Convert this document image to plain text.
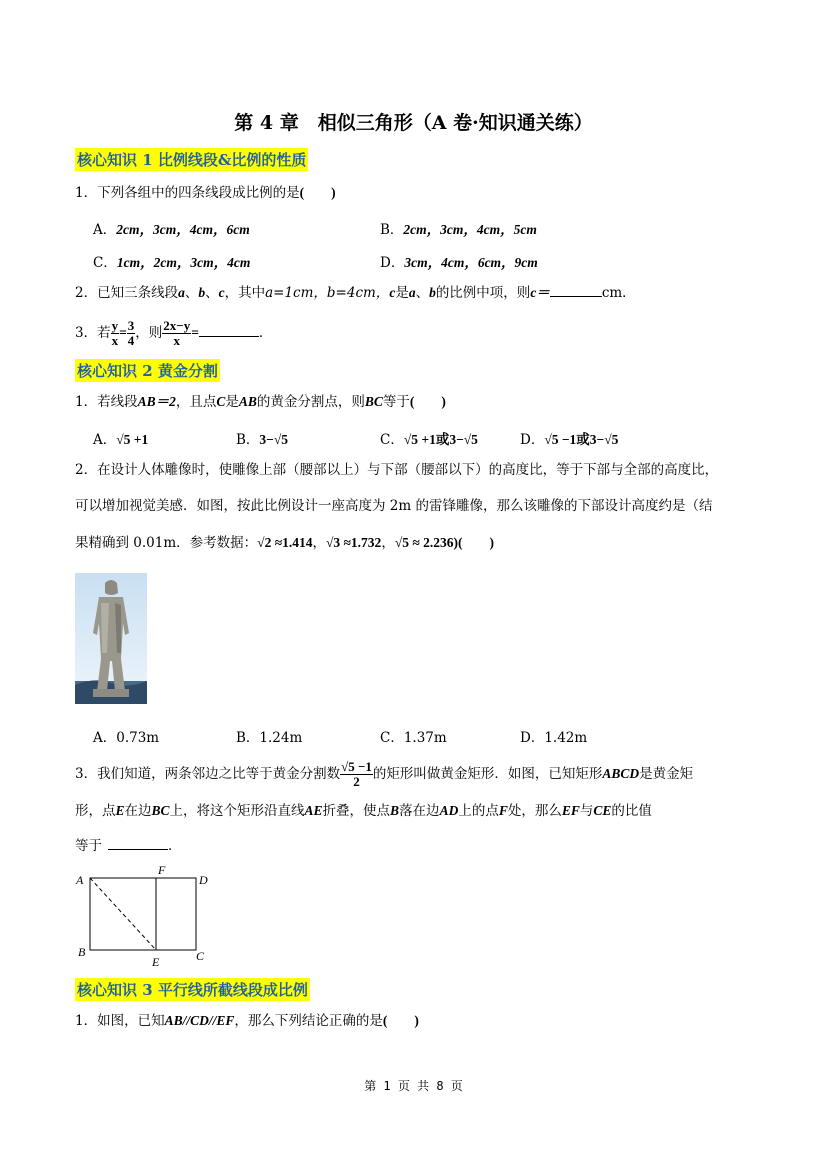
第 4 章　相似三角形（A 卷·知识通关练）
核心知识 1 比例线段&比例的性质
1．下列各组中的四条线段成比例的是(　　)
A．2cm，3cm，4cm，6cm	B．2cm，3cm，4cm，5cm
C．1cm，2cm，3cm，4cm	D．3cm，4cm，6cm，9cm
2．已知三条线段a、b、c，其中a=1cm，b=4cm，c是a、b的比例中项，则c＝	cm．
3．若 $\frac{y}{x} = \frac{3}{4}$ ，则 $\frac{2x-y}{x}$ =	．
核心知识 2 黄金分割
1．若线段AB＝2，且点C是AB的黄金分割点，则BC等于(　　)
A．√5 +1	B．3−√5	C．√5 +1或3−√5	D．√5 −1或3−√5
2．在设计人体雕像时，使雕像上部（腰部以上）与下部（腰部以下）的高度比，等于下部与全部的高度比，
可以增加视觉美感．如图，按此比例设计一座高度为 2m 的雷锋雕像，那么该雕像的下部设计高度约是（结
果精确到 0.01m．参考数据：√2 ≈1.414，√3 ≈1.732，√5 ≈ 2.236)(　　)
A．0.73m	B．1.24m	C．1.37m	D．1.42m
3．我们知道，两条邻边之比等于黄金分割数 $\frac{√5 -1}{2}$ 的矩形叫做黄金矩形．如图，已知矩形ABCD是黄金矩
形，点E在边BC上，将这个矩形沿直线AE折叠，使点B落在边AD上的点F处，那么EF与CE的比值
等于	．
A
F
D
B	C
E
核心知识 3 平行线所截线段成比例
1．如图，已知AB//CD//EF，那么下列结论正确的是(　　)
第 1 页 共 8 页
